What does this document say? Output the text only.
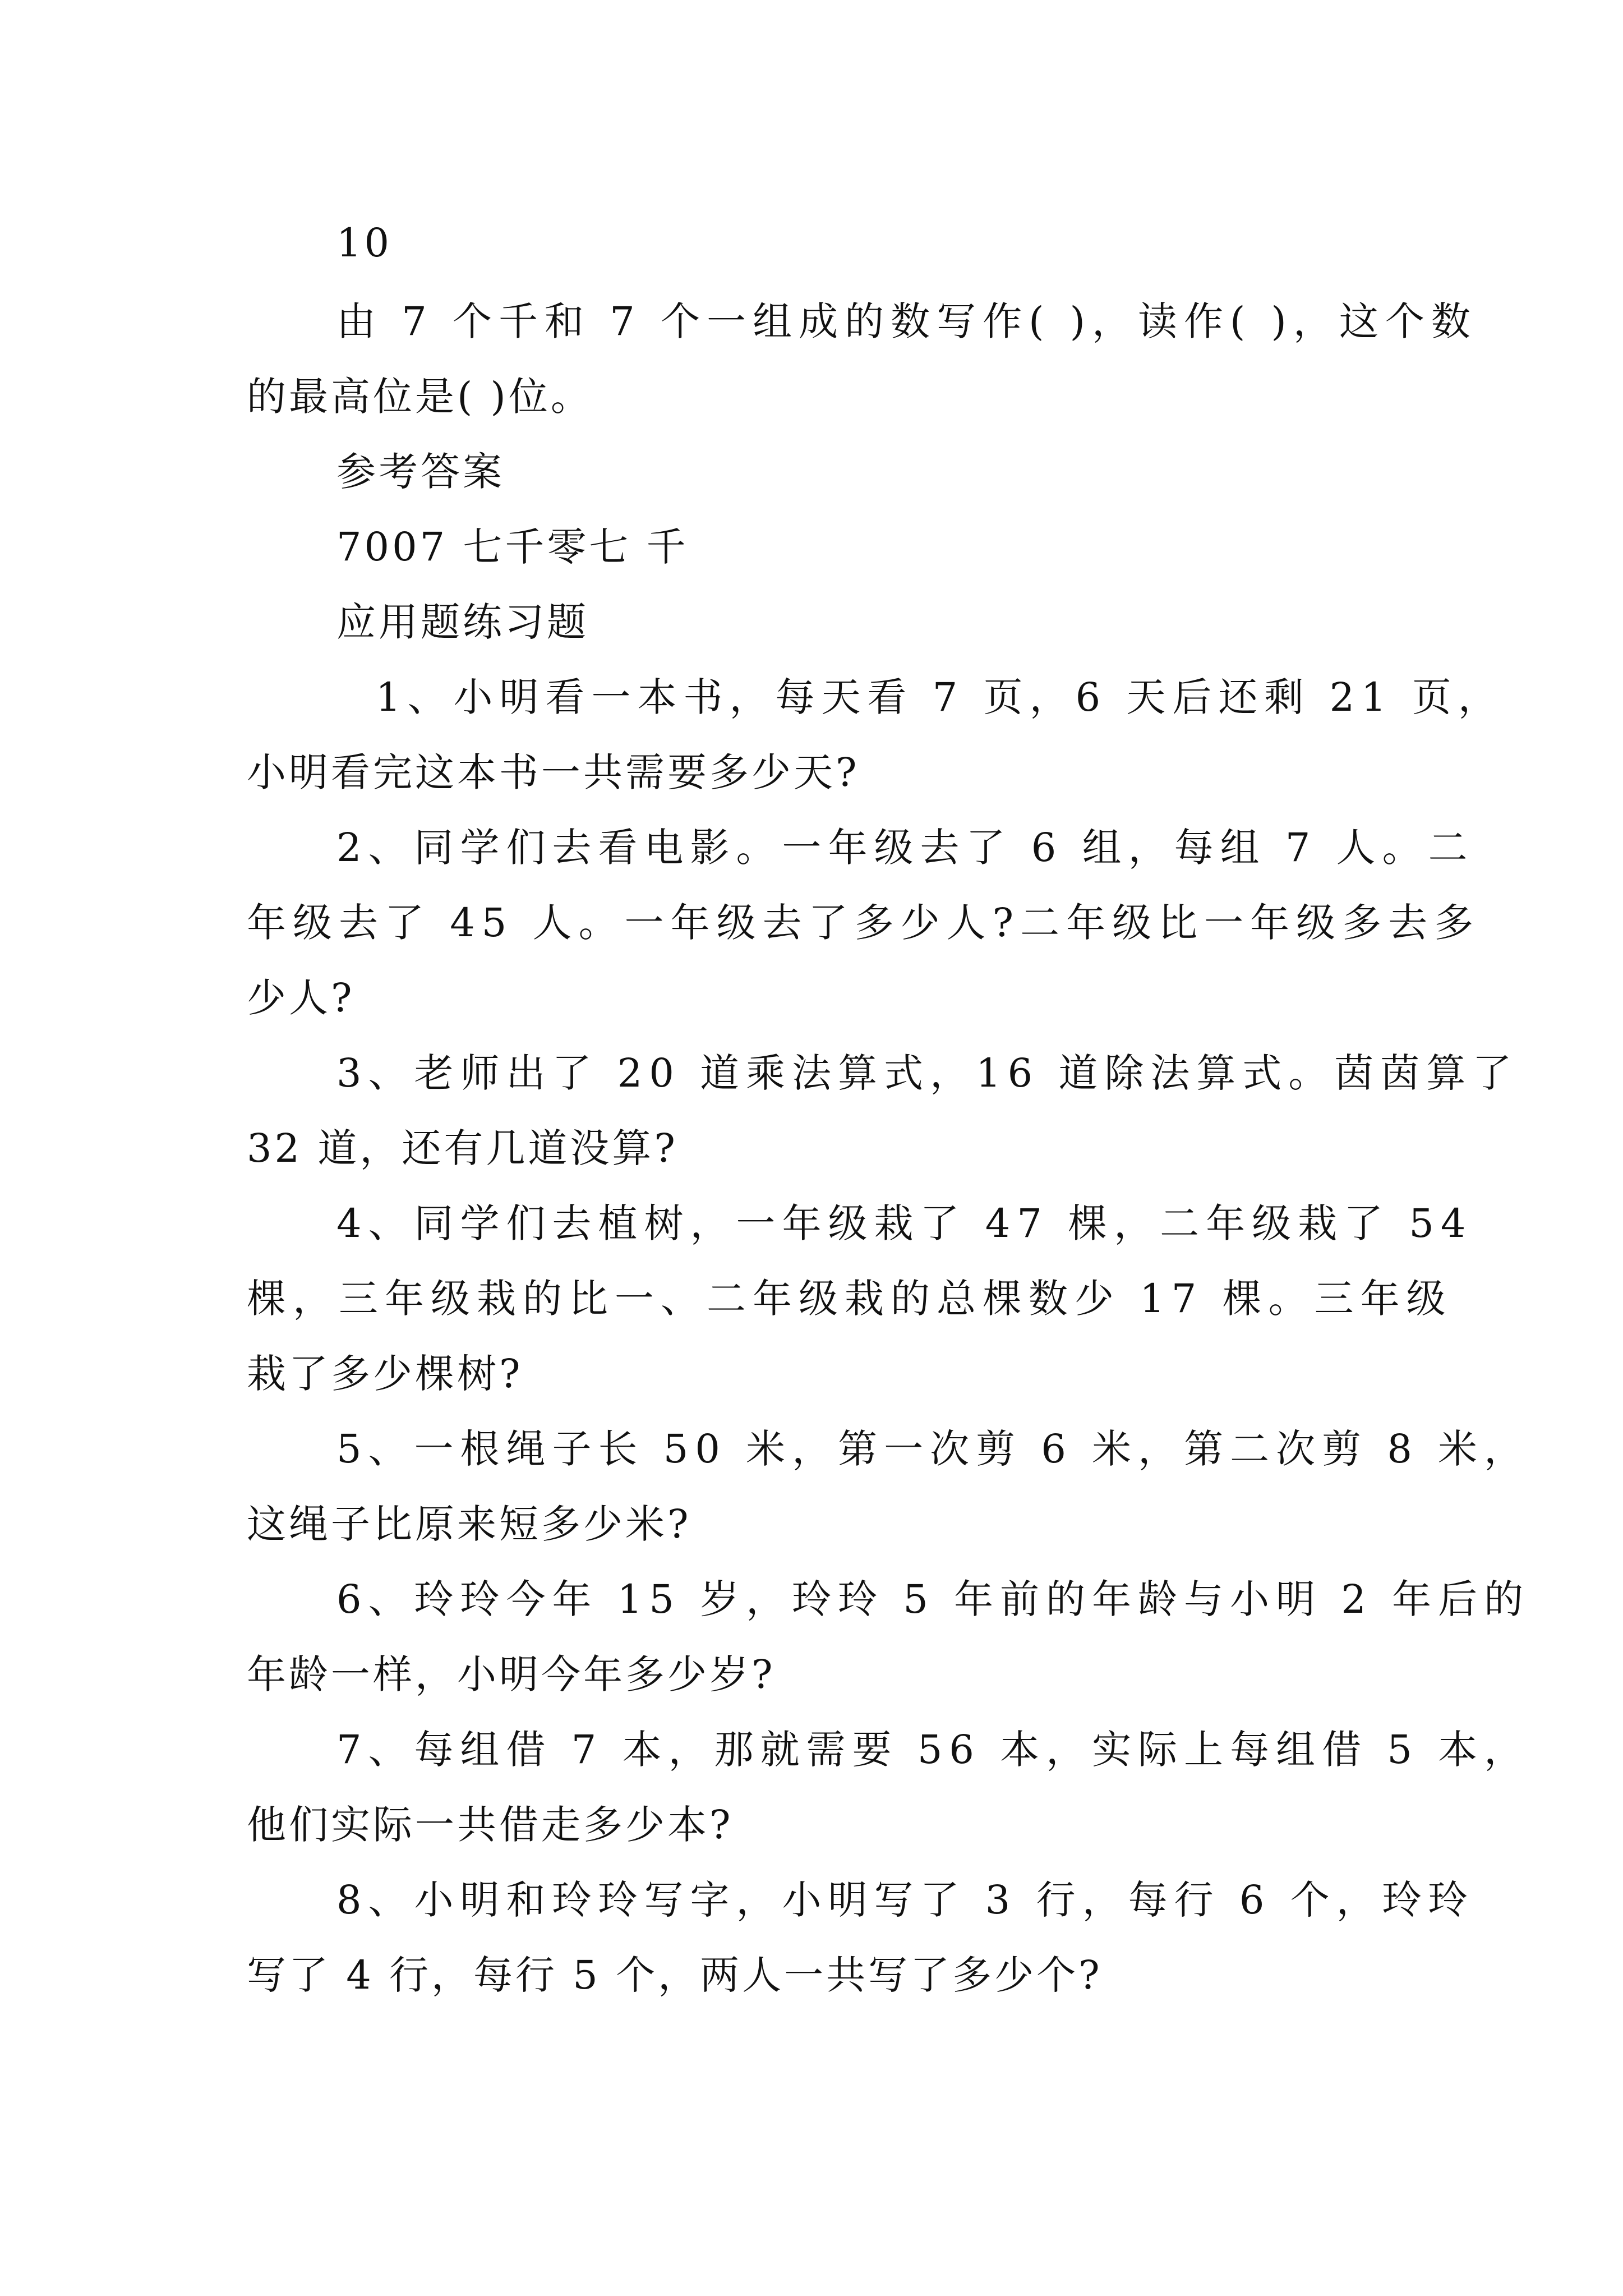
10
由 7 个千和 7 个一组成的数写作( )，读作( )，这个数
的最高位是( )位。
参考答案
7007 七千零七 千
应用题练习题
1、小明看一本书，每天看 7 页，6 天后还剩 21 页，
小明看完这本书一共需要多少天?
2、同学们去看电影。一年级去了 6 组，每组 7 人。二
年级去了 45 人。一年级去了多少人?二年级比一年级多去多
少人?
3、老师出了 20 道乘法算式，16 道除法算式。茵茵算了
32 道，还有几道没算?
4、同学们去植树，一年级栽了 47 棵，二年级栽了 54
棵，三年级栽的比一、二年级栽的总棵数少 17 棵。三年级
栽了多少棵树?
5、一根绳子长 50 米，第一次剪 6 米，第二次剪 8 米，
这绳子比原来短多少米?
6、玲玲今年 15 岁，玲玲 5 年前的年龄与小明 2 年后的
年龄一样，小明今年多少岁?
7、每组借 7 本，那就需要 56 本，实际上每组借 5 本，
他们实际一共借走多少本?
8、小明和玲玲写字，小明写了 3 行，每行 6 个，玲玲
写了 4 行，每行 5 个，两人一共写了多少个?
